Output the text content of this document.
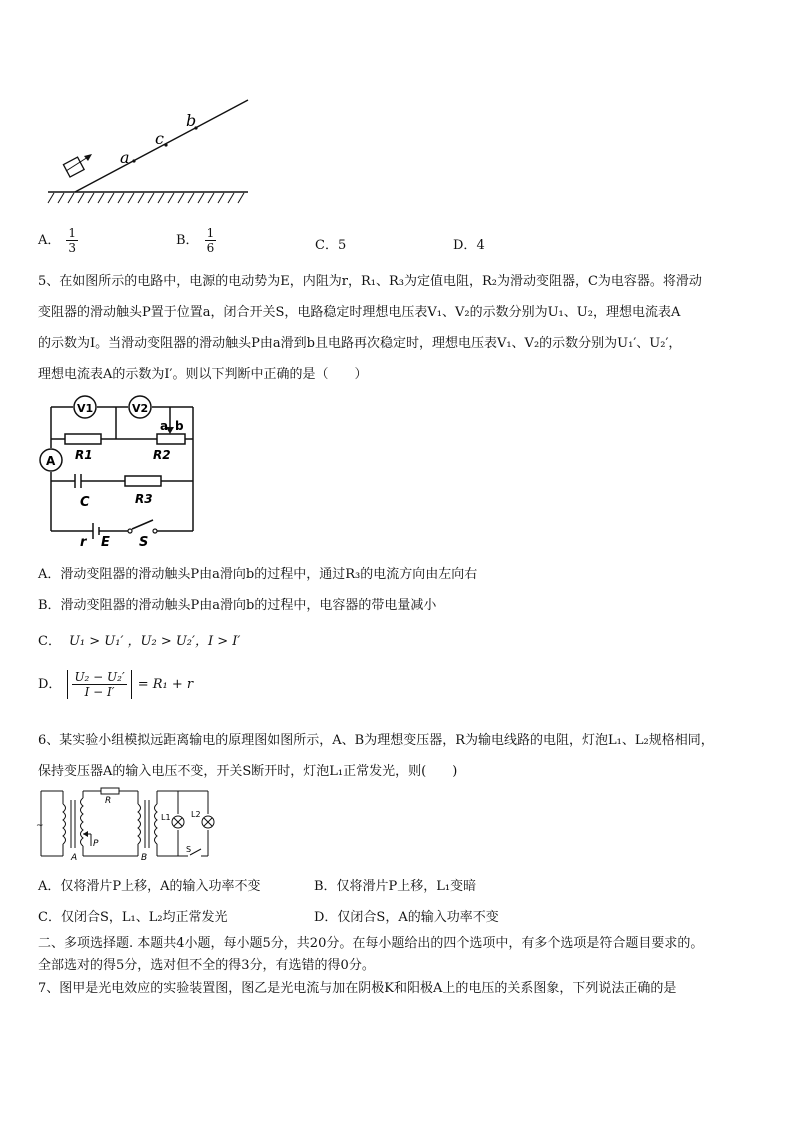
b
c
a
A． $\frac{1}{3}$	B． $\frac{1}{6}$	C．5	D．4
5、在如图所示的电路中，电源的电动势为E，内阻为r，R₁、R₃为定值电阻，R₂为滑动变阻器，C为电容器。将滑动
变阻器的滑动触头P置于位置a，闭合开关S，电路稳定时理想电压表V₁、V₂的示数分别为U₁、U₂，理想电流表A
的示数为I。当滑动变阻器的滑动触头P由a滑到b且电路再次稳定时，理想电压表V₁、V₂的示数分别为U₁′、U₂′，
理想电流表A的示数为I′。则以下判断中正确的是（　　）
V1	V2
a b
R1	R2
A
C	R3
r E S
A．滑动变阻器的滑动触头P由a滑向b的过程中，通过R₃的电流方向由左向右
B．滑动变阻器的滑动触头P由a滑向b的过程中，电容器的带电量减小
C． U₁ > U₁′ ，U₂ > U₂′，I > I′
D． $\frac{\text{U₂ − U₂′}}{I - I'} = R_1 + r$
6、某实验小组模拟远距离输电的原理图如图所示，A、B为理想变压器，R为输电线路的电阻，灯泡L₁、L₂规格相同，
保持变压器A的输入电压不变，开关S断开时，灯泡L₁正常发光，则(　　)
~
R
P
A	B
L1	L2
S
A．仅将滑片P上移，A的输入功率不变	B．仅将滑片P上移，L₁变暗
C．仅闭合S，L₁、L₂均正常发光	D．仅闭合S，A的输入功率不变
二、多项选择题. 本题共4小题，每小题5分，共20分。在每小题给出的四个选项中，有多个选项是符合题目要求的。
全部选对的得5分，选对但不全的得3分，有选错的得0分。
7、图甲是光电效应的实验装置图，图乙是光电流与加在阴极K和阳极A上的电压的关系图象，下列说法正确的是
